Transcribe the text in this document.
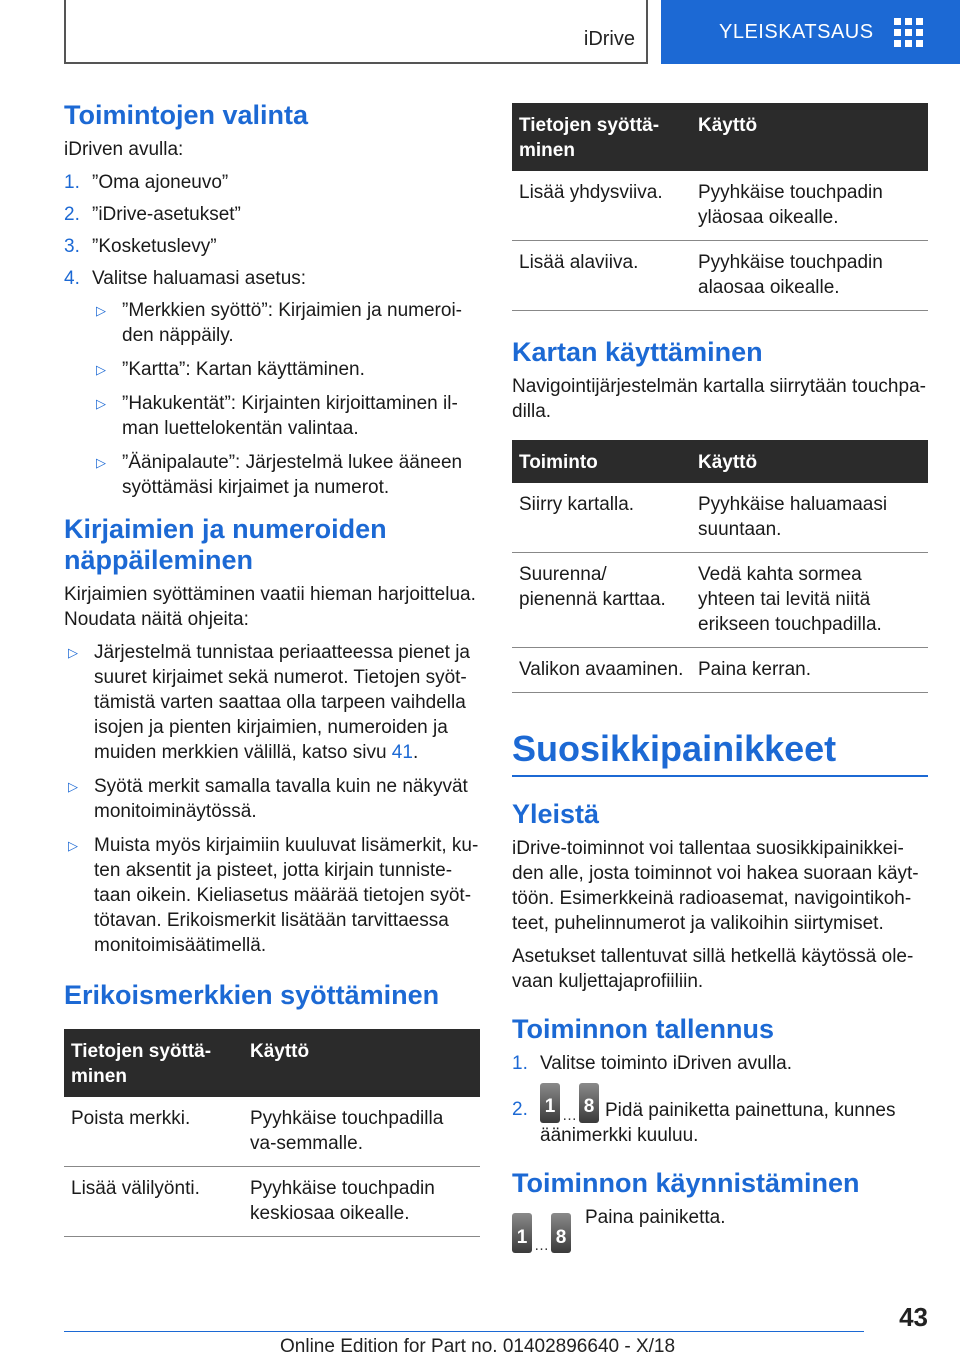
iDrive	YLEISKATSAUS
Toimintojen valinta

iDriven avulla:

1. ”Oma ajoneuvo”
2. ”iDrive-asetukset”
3. ”Kosketuslevy”
4. Valitse haluamasi asetus:
▷ ”Merkkien syöttö”: Kirjaimien ja numeroi‐den näppäily.
▷ ”Kartta”: Kartan käyttäminen.
▷ ”Hakukentät”: Kirjainten kirjoittaminen il‐man luettelokentän valintaa.
▷ ”Äänipalaute”: Järjestelmä lukee ääneen syöttämäsi kirjaimet ja numerot.
Kirjaimien ja numeroiden näppäileminen

Kirjaimien syöttäminen vaatii hieman harjoittelua. Noudata näitä ohjeita:

▷ Järjestelmä tunnistaa periaatteessa pienet ja suuret kirjaimet sekä numerot. Tietojen syöt‐tämistä varten saattaa olla tarpeen vaihdella isojen ja pienten kirjaimien, numeroiden ja muiden merkkien välillä, katso sivu 41.
▷ Syötä merkit samalla tavalla kuin ne näkyvät monitoiminäytössä.
▷ Muista myös kirjaimiin kuuluvat lisämerkit, ku‐ten aksentit ja pisteet, jotta kirjain tunniste‐taan oikein. Kieliasetus määrää tietojen syöt‐tötavan. Erikoismerkit lisätään tarvittaessa monitoimisäätimellä.
Erikoismerkkien syöttäminen
Tietojen syöttä‐minen	Käyttö
Poista merkki.	Pyyhkäise touchpadilla va‐semmalle.
Lisää välilyönti.	Pyyhkäise touchpadin keskiosaa oikealle.
Tietojen syöttä‐minen	Käyttö
Lisää yhdysviiva.	Pyyhkäise touchpadin yläosaa oikealle.
Lisää alaviiva.	Pyyhkäise touchpadin alaosaa oikealle.
Kartan käyttäminen

Navigointijärjestelmän kartalla siirrytään touchpa‐dilla.

Toiminto	Käyttö
Siirry kartalla.	Pyyhkäise haluamaasi suuntaan.
Suurenna/ pienennä karttaa.	Vedä kahta sormea yhteen tai levitä niitä erikseen touchpadilla.
Valikon avaaminen.	Paina kerran.
Suosikkipainikkeet
Yleistä

iDrive-toiminnot voi tallentaa suosikkipainikkei‐den alle, josta toiminnot voi hakea suoraan käyt‐töön. Esimerkkeinä radioasemat, navigointikoh‐teet, puhelinnumerot ja valikoihin siirtymiset.

Asetukset tallentuvat sillä hetkellä käytössä ole‐vaan kuljettajaprofiiliin.

Toiminnon tallennus
1. Valitse toiminto iDriven avulla.
2. 1 … 8 Pidä painiketta painettuna, kunnes äänimerkki kuuluu.
Toiminnon käynnistäminen
1 … 8

Paina painiketta.

43
Online Edition for Part no. 01402896640 - X/18
